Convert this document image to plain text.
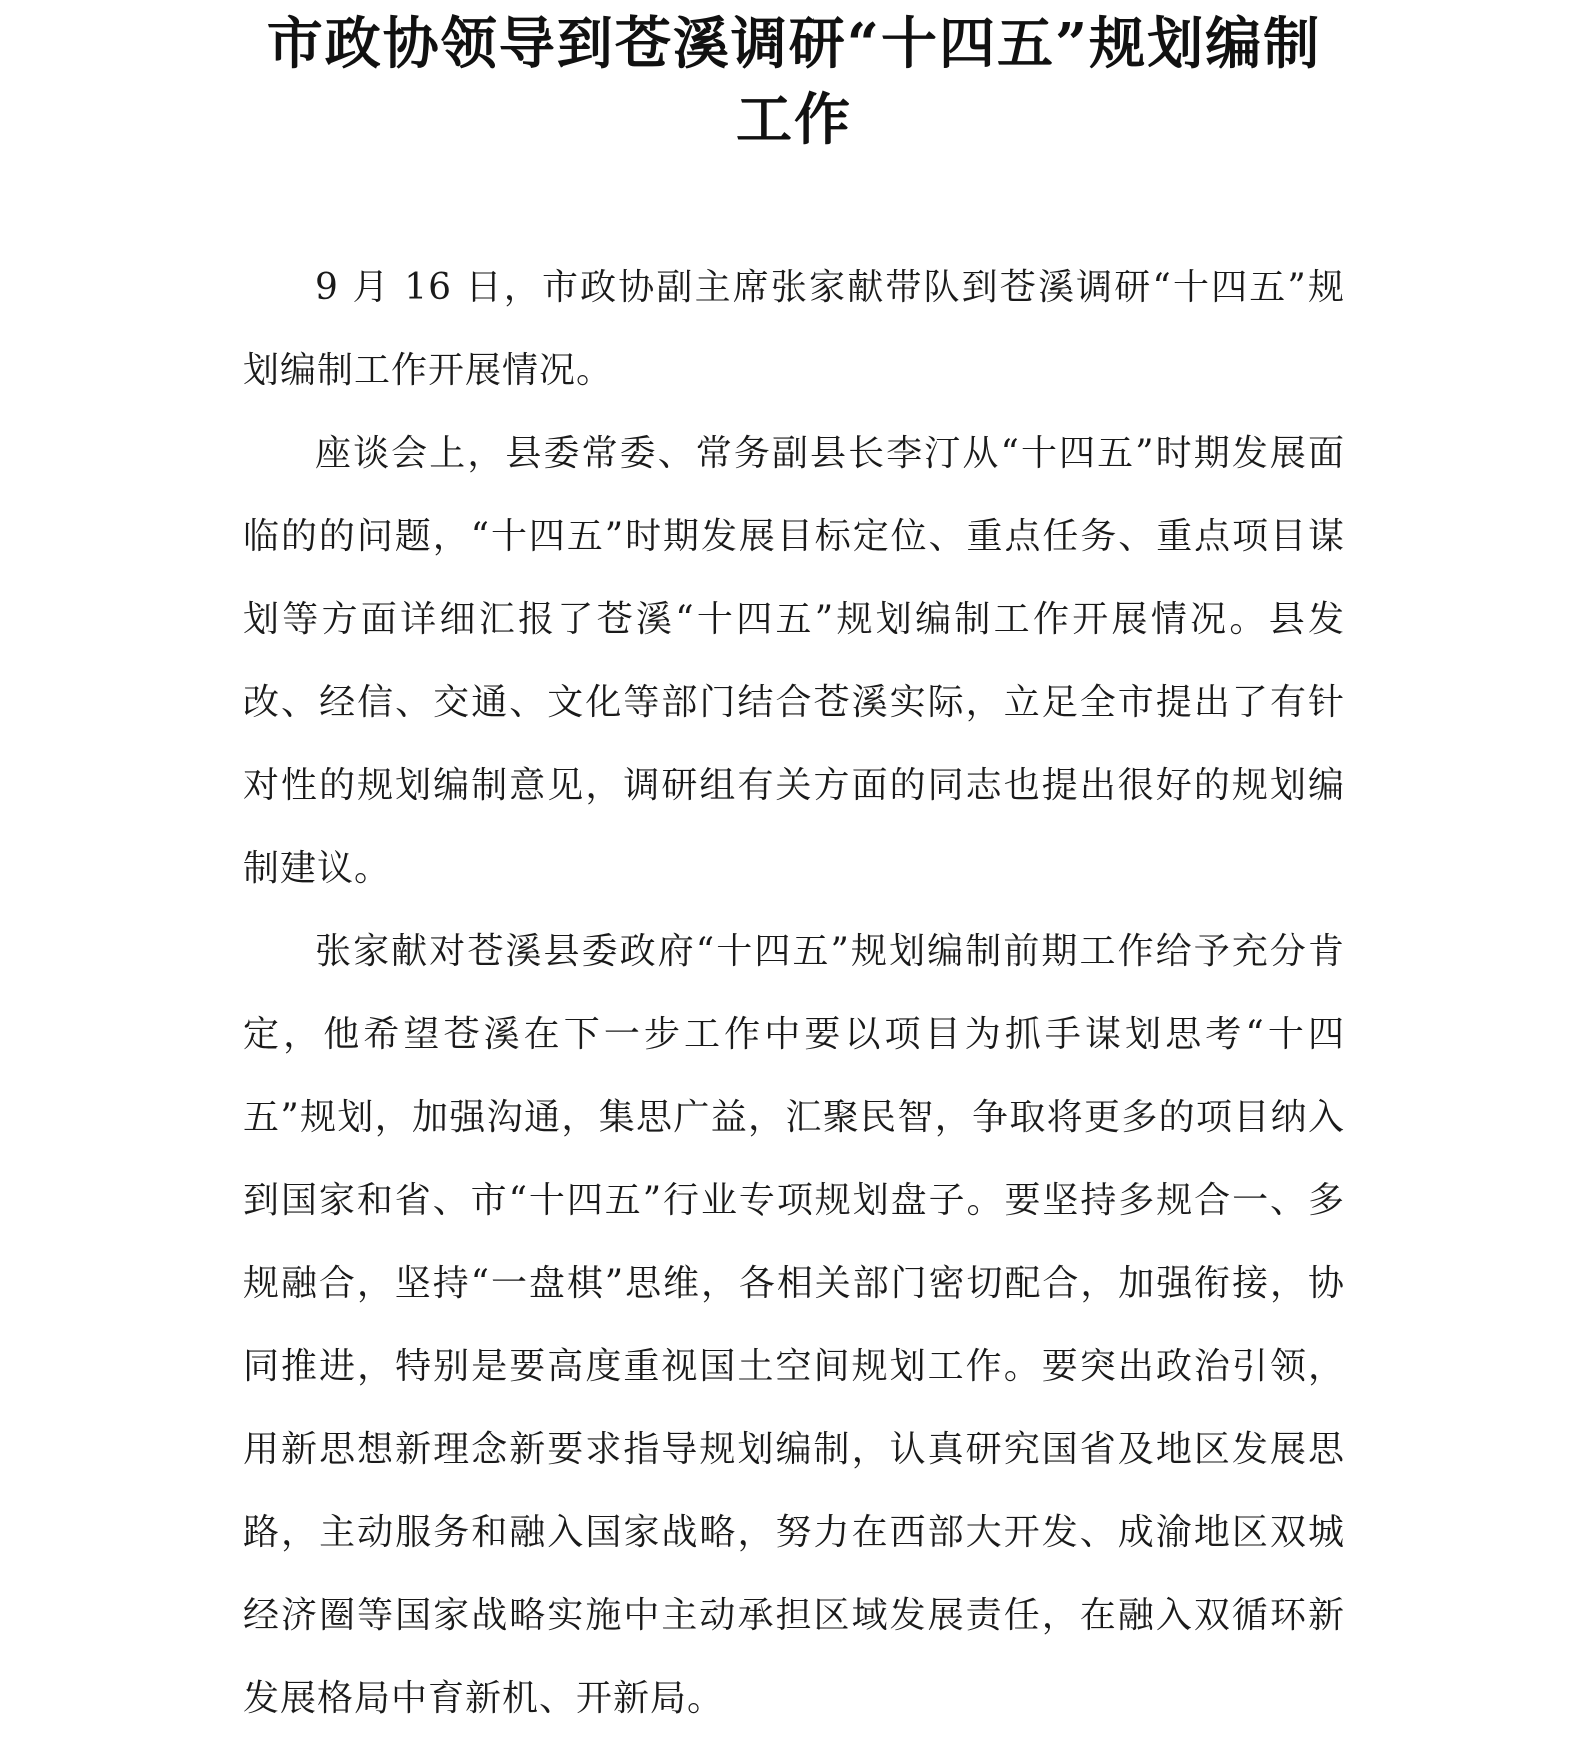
市政协领导到苍溪调研“十四五”规划编制工作

9 月 16 日，市政协副主席张家献带队到苍溪调研“十四五”规划编制工作开展情况。

座谈会上，县委常委、常务副县长李汀从“十四五”时期发展面临的的问题，“十四五”时期发展目标定位、重点任务、重点项目谋划等方面详细汇报了苍溪“十四五”规划编制工作开展情况。县发改、经信、交通、文化等部门结合苍溪实际，立足全市提出了有针对性的规划编制意见，调研组有关方面的同志也提出很好的规划编制建议。

张家献对苍溪县委政府“十四五”规划编制前期工作给予充分肯定，他希望苍溪在下一步工作中要以项目为抓手谋划思考“十四五”规划，加强沟通，集思广益，汇聚民智，争取将更多的项目纳入到国家和省、市“十四五”行业专项规划盘子。要坚持多规合一、多规融合，坚持“一盘棋”思维，各相关部门密切配合，加强衔接，协同推进，特别是要高度重视国土空间规划工作。要突出政治引领，用新思想新理念新要求指导规划编制，认真研究国省及地区发展思路，主动服务和融入国家战略，努力在西部大开发、成渝地区双城经济圈等国家战略实施中主动承担区域发展责任，在融入双循环新发展格局中育新机、开新局。
